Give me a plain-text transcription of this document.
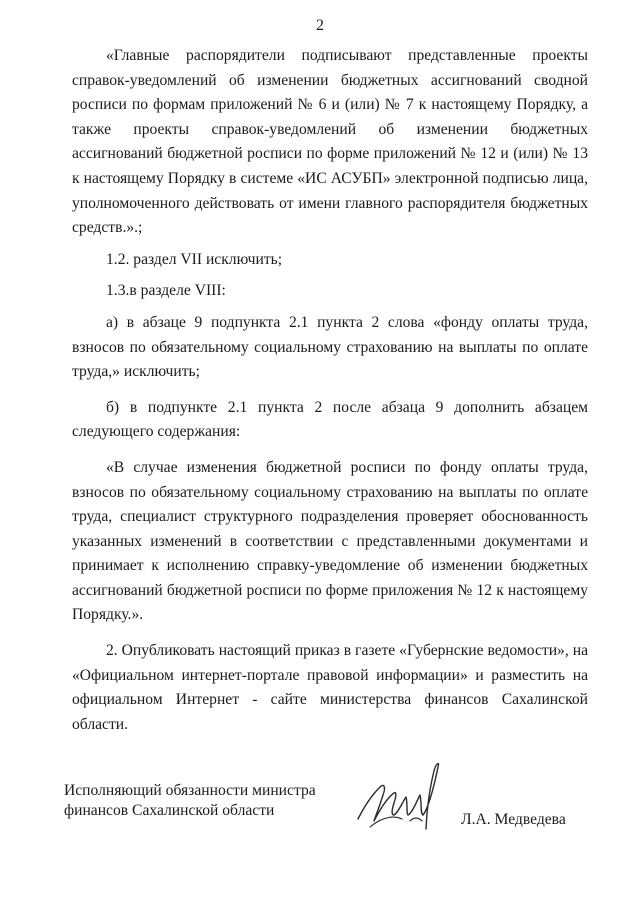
2

«Главные распорядители подписывают представленные проекты справок-уведомлений об изменении бюджетных ассигнований сводной росписи по формам приложений № 6 и (или) № 7 к настоящему Порядку, а также проекты справок-уведомлений об изменении бюджетных ассигнований бюджетной росписи по форме приложений № 12 и (или) № 13 к настоящему Порядку в системе «ИС АСУБП» электронной подписью лица, уполномоченного действовать от имени главного распорядителя бюджетных средств.».;

1.2. раздел VII исключить;

1.3.в разделе VIII:

а) в абзаце 9 подпункта 2.1 пункта 2 слова «фонду оплаты труда, взносов по обязательному социальному страхованию на выплаты по оплате труда,» исключить;

б) в подпункте 2.1 пункта 2 после абзаца 9 дополнить абзацем следующего содержания:

«В случае изменения бюджетной росписи по фонду оплаты труда, взносов по обязательному социальному страхованию на выплаты по оплате труда, специалист структурного подразделения проверяет обоснованность указанных изменений в соответствии с представленными документами и принимает к исполнению справку-уведомление об изменении бюджетных ассигнований бюджетной росписи по форме приложения № 12 к настоящему Порядку.».

2. Опубликовать настоящий приказ в газете «Губернские ведомости», на «Официальном интернет-портале правовой информации» и разместить на официальном Интернет - сайте министерства финансов Сахалинской области.

Исполняющий обязанности министра
финансов Сахалинской области
Л.А. Медведева
